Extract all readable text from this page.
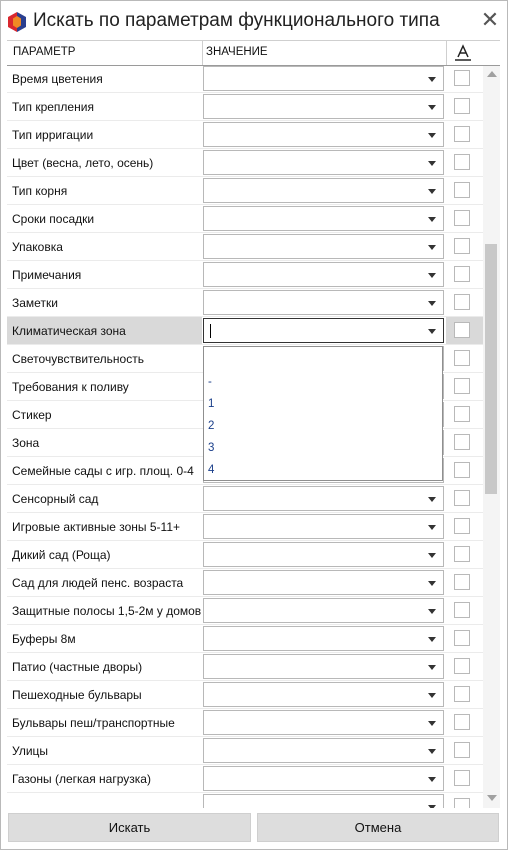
Искать по параметрам функционального типа ✕
ПАРАМЕТР	ЗНАЧЕНИЕ
Время цветения
Тип крепления
Тип ирригации
Цвет (весна, лето, осень)
Тип корня
Сроки посадки
Упаковка
Примечания
Заметки
Климатическая зона
Светочувствительность
Требования к поливу
Стикер
Зона
Семейные сады с игр. площ. 0-4
Сенсорный сад
Игровые активные зоны 5-11+
Дикий сад (Роща)
Сад для людей пенс. возраста
Защитные полосы 1,5-2м у домов
Буферы 8м
Патио (частные дворы)
Пешеходные бульвары
Бульвары пеш/транспортные
Улицы
Газоны (легкая нагрузка)
-
1
2
3
4
Искать	Отмена
